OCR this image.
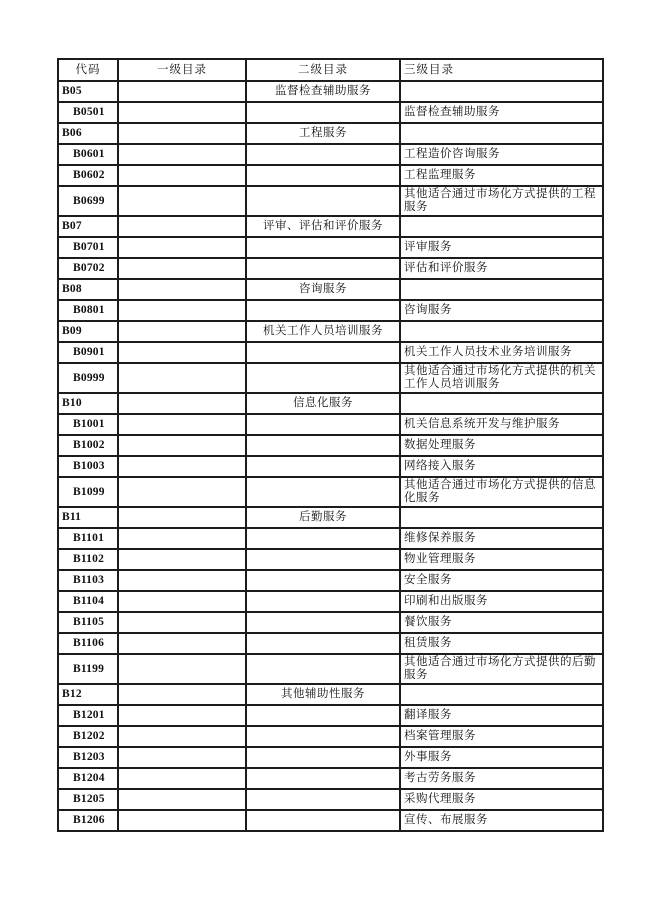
代码	一级目录	二级目录	三级目录
B05		监督检查辅助服务	
B0501			监督检查辅助服务
B06		工程服务	
B0601			工程造价咨询服务
B0602			工程监理服务
B0699			其他适合通过市场化方式提供的工程服务
B07		评审、评估和评价服务	
B0701			评审服务
B0702			评估和评价服务
B08		咨询服务	
B0801			咨询服务
B09		机关工作人员培训服务	
B0901			机关工作人员技术业务培训服务
B0999			其他适合通过市场化方式提供的机关工作人员培训服务
B10		信息化服务	
B1001			机关信息系统开发与维护服务
B1002			数据处理服务
B1003			网络接入服务
B1099			其他适合通过市场化方式提供的信息化服务
B11		后勤服务	
B1101			维修保养服务
B1102			物业管理服务
B1103			安全服务
B1104			印刷和出版服务
B1105			餐饮服务
B1106			租赁服务
B1199			其他适合通过市场化方式提供的后勤服务
B12		其他辅助性服务	
B1201			翻译服务
B1202			档案管理服务
B1203			外事服务
B1204			考古劳务服务
B1205			采购代理服务
B1206			宣传、布展服务
